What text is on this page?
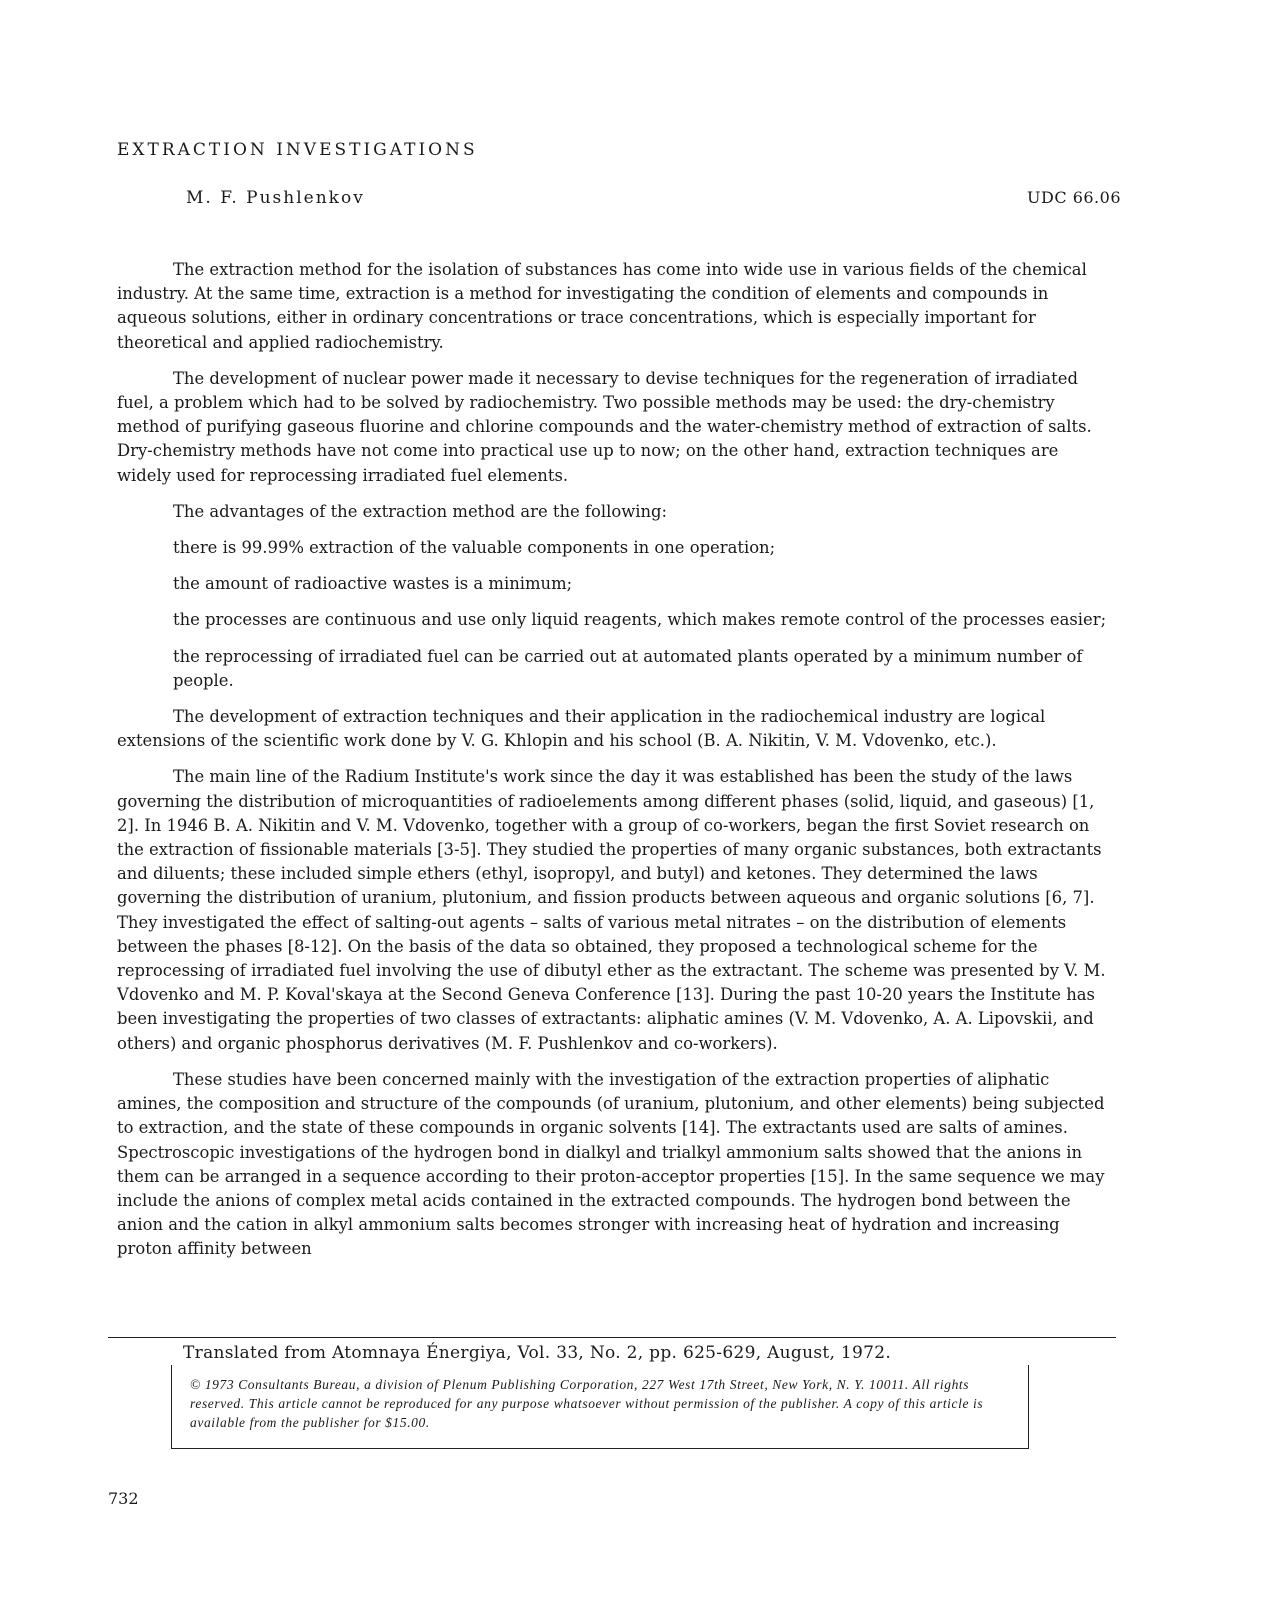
EXTRACTION INVESTIGATIONS
M. F. Pushlenkov	UDC 66.06

The extraction method for the isolation of substances has come into wide use in various fields of the chemical industry. At the same time, extraction is a method for investigating the condition of elements and compounds in aqueous solutions, either in ordinary concentrations or trace concentrations, which is especially important for theoretical and applied radiochemistry.

The development of nuclear power made it necessary to devise techniques for the regeneration of irradiated fuel, a problem which had to be solved by radiochemistry. Two possible methods may be used: the dry-chemistry method of purifying gaseous fluorine and chlorine compounds and the water-chemistry method of extraction of salts. Dry-chemistry methods have not come into practical use up to now; on the other hand, extraction techniques are widely used for reprocessing irradiated fuel elements.

The advantages of the extraction method are the following:

there is 99.99% extraction of the valuable components in one operation;

the amount of radioactive wastes is a minimum;

the processes are continuous and use only liquid reagents, which makes remote control of the processes easier;

the reprocessing of irradiated fuel can be carried out at automated plants operated by a minimum number of people.

The development of extraction techniques and their application in the radiochemical industry are logical extensions of the scientific work done by V. G. Khlopin and his school (B. A. Nikitin, V. M. Vdovenko, etc.).

The main line of the Radium Institute's work since the day it was established has been the study of the laws governing the distribution of microquantities of radioelements among different phases (solid, liquid, and gaseous) [1, 2]. In 1946 B. A. Nikitin and V. M. Vdovenko, together with a group of co-workers, began the first Soviet research on the extraction of fissionable materials [3-5]. They studied the properties of many organic substances, both extractants and diluents; these included simple ethers (ethyl, isopropyl, and butyl) and ketones. They determined the laws governing the distribution of uranium, plutonium, and fission products between aqueous and organic solutions [6, 7]. They investigated the effect of salting-out agents – salts of various metal nitrates – on the distribution of elements between the phases [8-12]. On the basis of the data so obtained, they proposed a technological scheme for the reprocessing of irradiated fuel involving the use of dibutyl ether as the extractant. The scheme was presented by V. M. Vdovenko and M. P. Koval'skaya at the Second Geneva Conference [13]. During the past 10-20 years the Institute has been investigating the properties of two classes of extractants: aliphatic amines (V. M. Vdovenko, A. A. Lipovskii, and others) and organic phosphorus derivatives (M. F. Pushlenkov and co-workers).

These studies have been concerned mainly with the investigation of the extraction properties of aliphatic amines, the composition and structure of the compounds (of uranium, plutonium, and other elements) being subjected to extraction, and the state of these compounds in organic solvents [14]. The extractants used are salts of amines. Spectroscopic investigations of the hydrogen bond in dialkyl and trialkyl ammonium salts showed that the anions in them can be arranged in a sequence according to their proton-acceptor properties [15]. In the same sequence we may include the anions of complex metal acids contained in the extracted compounds. The hydrogen bond between the anion and the cation in alkyl ammonium salts becomes stronger with increasing heat of hydration and increasing proton affinity between

Translated from Atomnaya Énergiya, Vol. 33, No. 2, pp. 625-629, August, 1972.
© 1973 Consultants Bureau, a division of Plenum Publishing Corporation, 227 West 17th Street, New York, N. Y. 10011. All rights reserved. This article cannot be reproduced for any purpose whatsoever without permission of the publisher. A copy of this article is available from the publisher for $15.00.
732
